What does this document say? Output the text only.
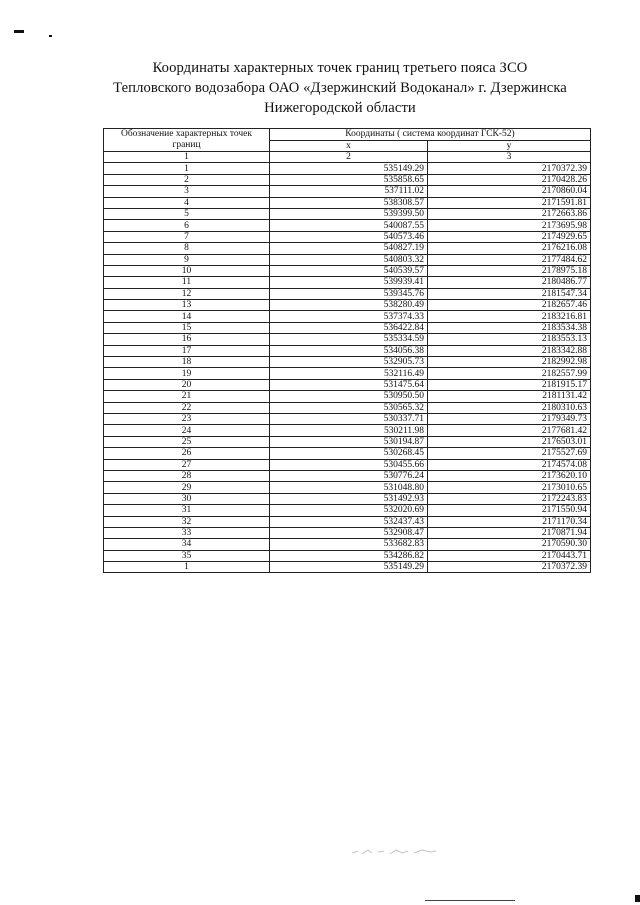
Координаты характерных точек границ третьего пояса ЗСО
Тепловского водозабора ОАО «Дзержинский Водоканал» г. Дзержинска
Нижегородской области
Обозначение характерных точек границ	Координаты ( система координат ГСК-52)	
	x	y
1	2	3
1	535149.29	2170372.39
2	535858.65	2170428.26
3	537111.02	2170860.04
4	538308.57	2171591.81
5	539399.50	2172663.86
6	540087.55	2173695.98
7	540573.46	2174929.65
8	540827.19	2176216.08
9	540803.32	2177484.62
10	540539.57	2178975.18
11	539939.41	2180486.77
12	539345.76	2181547.34
13	538280.49	2182657.46
14	537374.33	2183216.81
15	536422.84	2183534.38
16	535334.59	2183553.13
17	534056.38	2183342.88
18	532905.73	2182992.98
19	532116.49	2182557.99
20	531475.64	2181915.17
21	530950.50	2181131.42
22	530565.32	2180310.63
23	530337.71	2179349.73
24	530211.98	2177681.42
25	530194.87	2176503.01
26	530268.45	2175527.69
27	530455.66	2174574.08
28	530776.24	2173620.10
29	531048.80	2173010.65
30	531492.93	2172243.83
31	532020.69	2171550.94
32	532437.43	2171170.34
33	532908.47	2170871.94
34	533682.83	2170590.30
35	534286.82	2170443.71
1	535149.29	2170372.39
